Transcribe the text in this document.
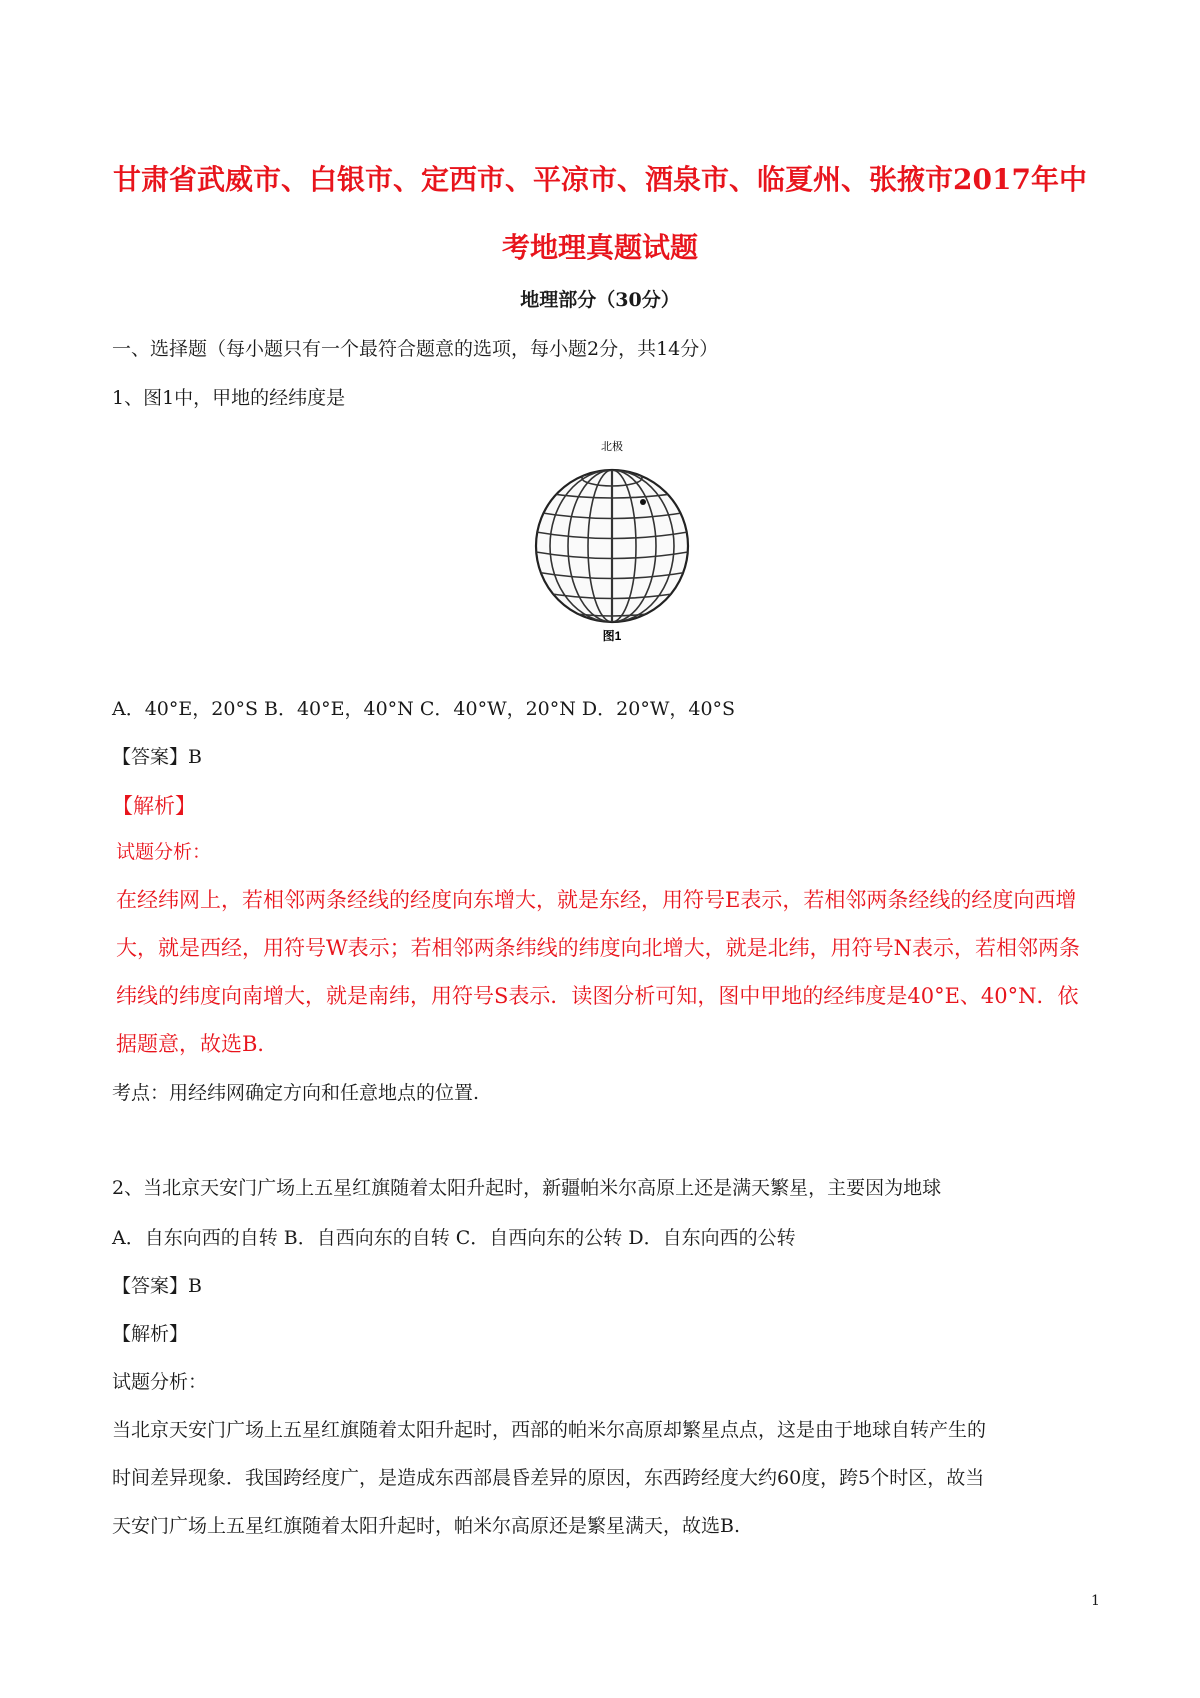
甘肃省武威市、白银市、定西市、平凉市、酒泉市、临夏州、张掖市2017年中
考地理真题试题
地理部分（30分）
一、选择题（每小题只有一个最符合题意的选项，每小题2分，共14分）
1、图1中，甲地的经纬度是
北极
图1
A．40°E，20°S B．40°E，40°N C．40°W，20°N D．20°W，40°S
【答案】B
【解析】
试题分析：
在经纬网上，若相邻两条经线的经度向东增大，就是东经，用符号E表示，若相邻两条经线的经度向西增
大，就是西经，用符号W表示；若相邻两条纬线的纬度向北增大，就是北纬，用符号N表示，若相邻两条
纬线的纬度向南增大，就是南纬，用符号S表示．读图分析可知，图中甲地的经纬度是40°E、40°N．依
据题意，故选B．
考点：用经纬网确定方向和任意地点的位置.
2、当北京天安门广场上五星红旗随着太阳升起时，新疆帕米尔高原上还是满天繁星，主要因为地球
A．自东向西的自转 B．自西向东的自转 C．自西向东的公转 D．自东向西的公转
【答案】B
【解析】
试题分析：
当北京天安门广场上五星红旗随着太阳升起时，西部的帕米尔高原却繁星点点，这是由于地球自转产生的
时间差异现象．我国跨经度广，是造成东西部晨昏差异的原因，东西跨经度大约60度，跨5个时区，故当
天安门广场上五星红旗随着太阳升起时，帕米尔高原还是繁星满天，故选B.
1
